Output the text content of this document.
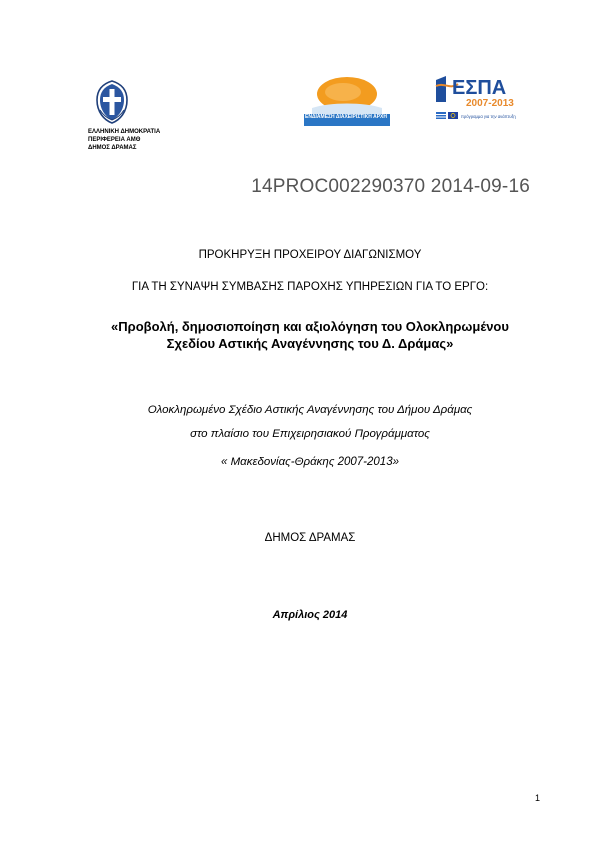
ΕΛΛΗΝΙΚΗ ΔΗΜΟΚΡΑΤΙΑ
ΠΕΡΙΦΕΡΕΙΑ ΑΜΘ
ΔΗΜΟΣ ΔΡΑΜΑΣ
ΕΝΔΙΑΜΕΣΗ ΔΙΑΧΕΙΡΙΣΤΙΚΗ ΑΡΧΗ
ΕΣΠΑ
2007-2013
πρόγραμμα για την ανάπτυξη
14PROC002290370 2014-09-16
ΠΡΟΚΗΡΥΞΗ ΠΡΟΧΕΙΡΟΥ ΔΙΑΓΩΝΙΣΜΟΥ
ΓΙΑ ΤΗ ΣΥΝΑΨΗ ΣΥΜΒΑΣΗΣ ΠΑΡΟΧΗΣ ΥΠΗΡΕΣΙΩΝ ΓΙΑ ΤΟ ΕΡΓΟ:
«Προβολή, δημοσιοποίηση και αξιολόγηση του Ολοκληρωμένου Σχεδίου Αστικής Αναγέννησης του Δ. Δράμας»
Ολοκληρωμένο Σχέδιο Αστικής Αναγέννησης του Δήμου Δράμας
στο πλαίσιο του Επιχειρησιακού Προγράμματος
« Μακεδονίας-Θράκης 2007-2013»
ΔΗΜΟΣ ΔΡΑΜΑΣ
Απρίλιος 2014
1
